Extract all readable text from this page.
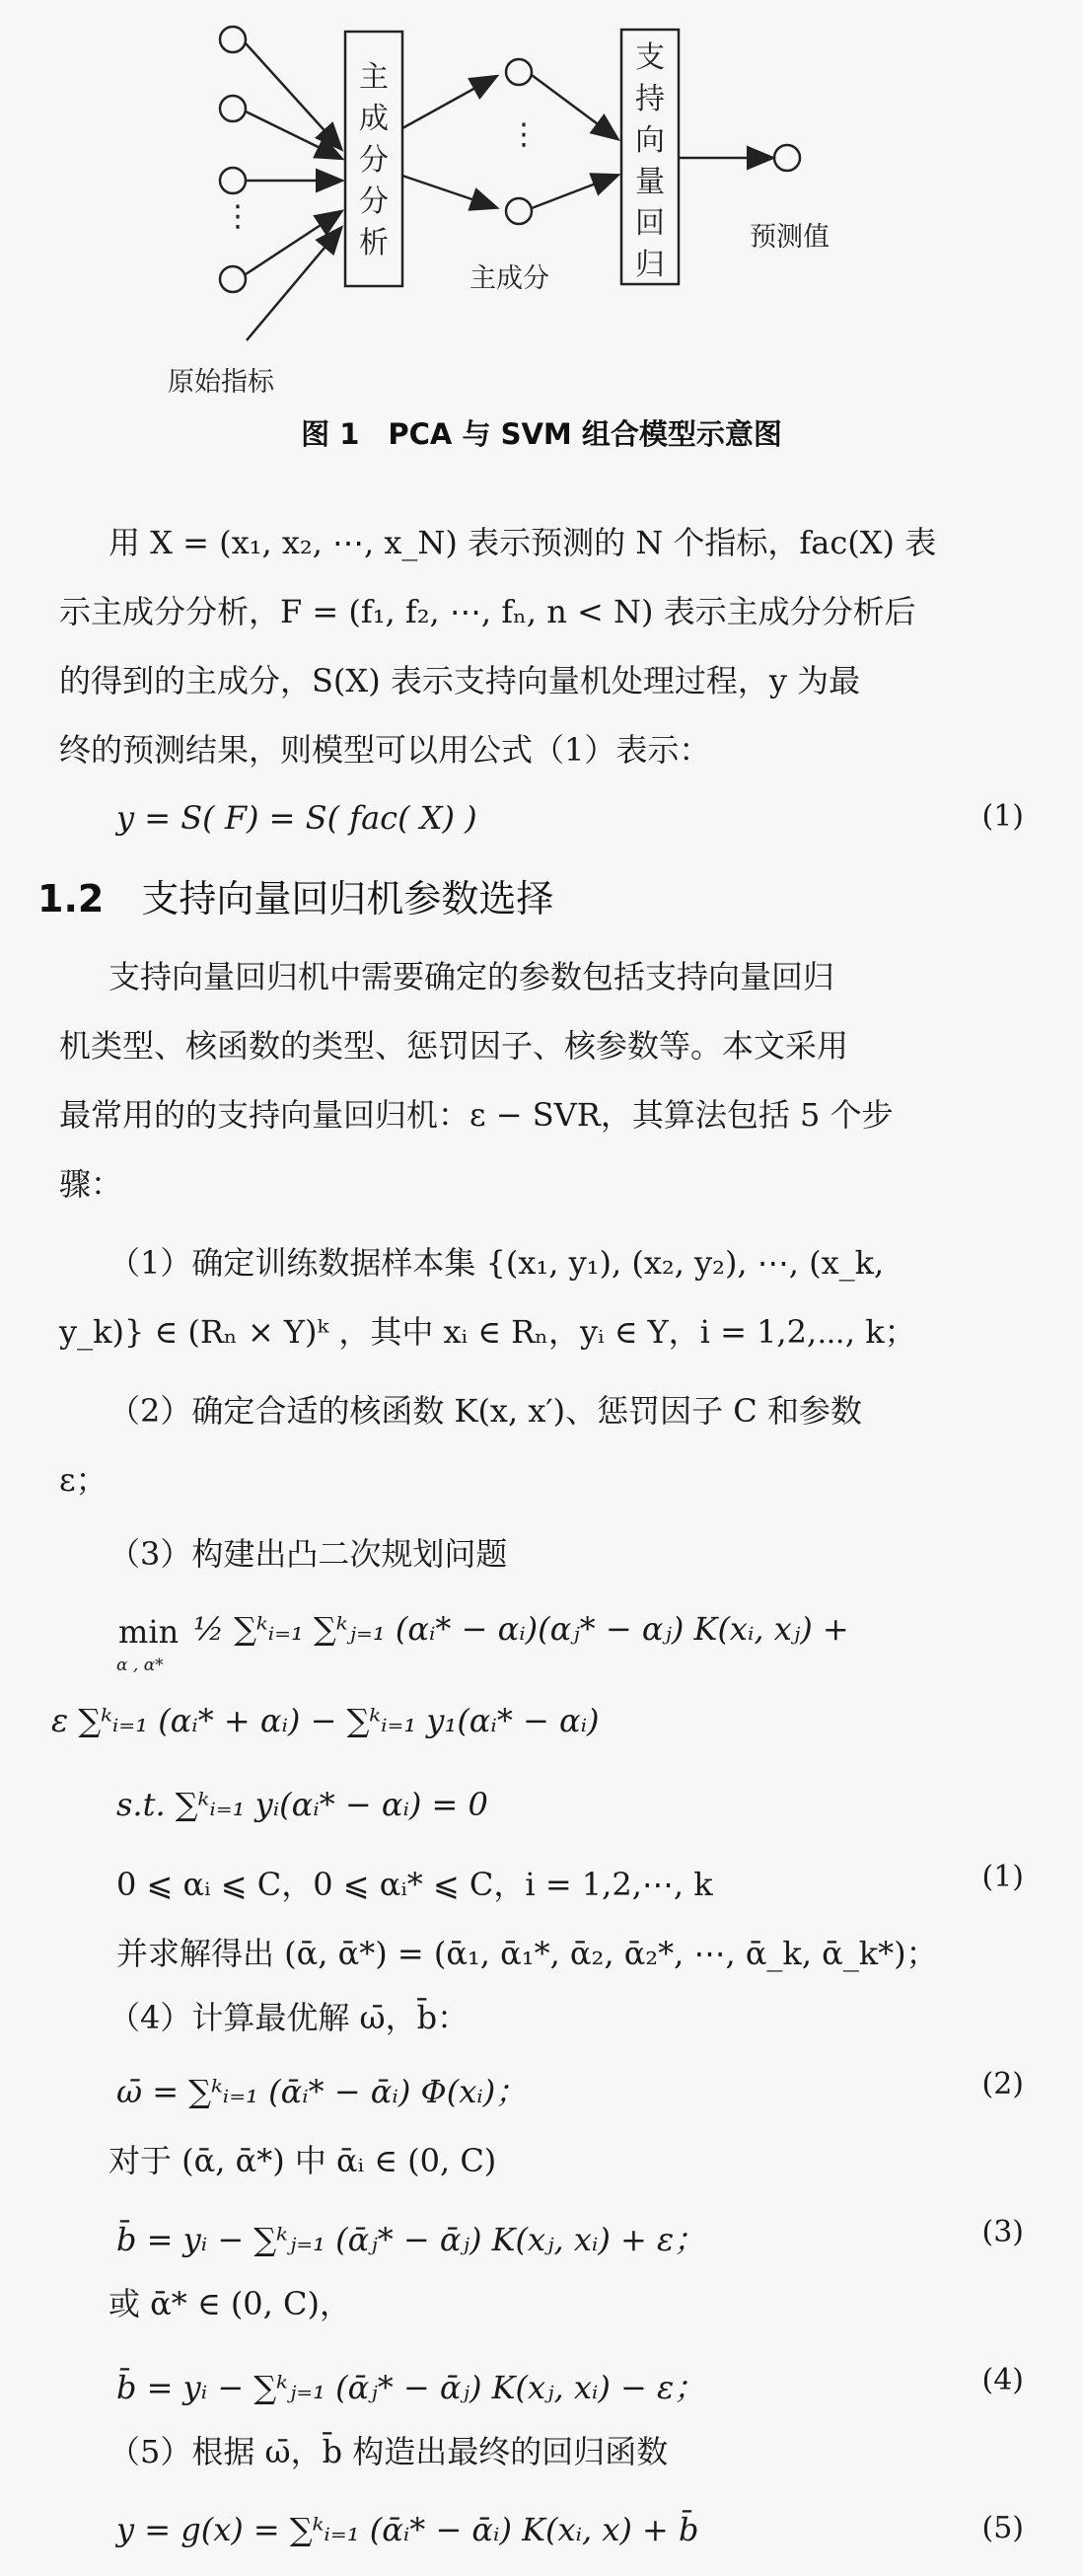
⋮
⋮
主
成
分
分
析
支
持
向
量
回
归
主成分
预测值
原始指标
图 1　PCA 与 SVM 组合模型示意图
用 X = (x₁, x₂, ⋯, x_N) 表示预测的 N 个指标，fac(X) 表
示主成分分析，F = (f₁, f₂, ⋯, fₙ, n < N) 表示主成分分析后
的得到的主成分，S(X) 表示支持向量机处理过程，y 为最
终的预测结果，则模型可以用公式（1）表示：
y = S( F) = S( fac( X) )	(1)
1.2 支持向量回归机参数选择
支持向量回归机中需要确定的参数包括支持向量回归
机类型、核函数的类型、惩罚因子、核参数等。本文采用
最常用的的支持向量回归机：ε − SVR，其算法包括 5 个步
骤：
（1）确定训练数据样本集 {(x₁, y₁), (x₂, y₂), ⋯, (x_k,
y_k)} ∈ (Rₙ × Y)ᵏ ，其中 xᵢ ∈ Rₙ，yᵢ ∈ Y，i = 1,2,⋯, k；
（2）确定合适的核函数 K(x, x′)、惩罚因子 C 和参数
ε；
（3）构建出凸二次规划问题
min
α , α*
½ ∑ᵏᵢ₌₁ ∑ᵏⱼ₌₁ (αᵢ* − αᵢ)(αⱼ* − αⱼ) K(xᵢ, xⱼ) +
ε ∑ᵏᵢ₌₁ (αᵢ* + αᵢ) − ∑ᵏᵢ₌₁ y₁(αᵢ* − αᵢ)
s.t. ∑ᵏᵢ₌₁ yᵢ(αᵢ* − αᵢ) = 0
0 ⩽ αᵢ ⩽ C，0 ⩽ αᵢ* ⩽ C，i = 1,2,⋯, k	(1)
并求解得出 (ᾱ, ᾱ*) = (ᾱ₁, ᾱ₁*, ᾱ₂, ᾱ₂*, ⋯, ᾱ_k, ᾱ_k*)；
（4）计算最优解 ω̄，b̄：
ω̄ = ∑ᵏᵢ₌₁ (ᾱᵢ* − ᾱᵢ) Φ(xᵢ)；	(2)
对于 (ᾱ, ᾱ*) 中 ᾱᵢ ∈ (0, C)
b̄ = yᵢ − ∑ᵏⱼ₌₁ (ᾱⱼ* − ᾱⱼ) K(xⱼ, xᵢ) + ε；	(3)
或 ᾱ* ∈ (0, C)，
b̄ = yᵢ − ∑ᵏⱼ₌₁ (ᾱⱼ* − ᾱⱼ) K(xⱼ, xᵢ) − ε；	(4)
（5）根据 ω̄，b̄ 构造出最终的回归函数
y = g(x) = ∑ᵏᵢ₌₁ (ᾱᵢ* − ᾱᵢ) K(xᵢ, x) + b̄	(5)
